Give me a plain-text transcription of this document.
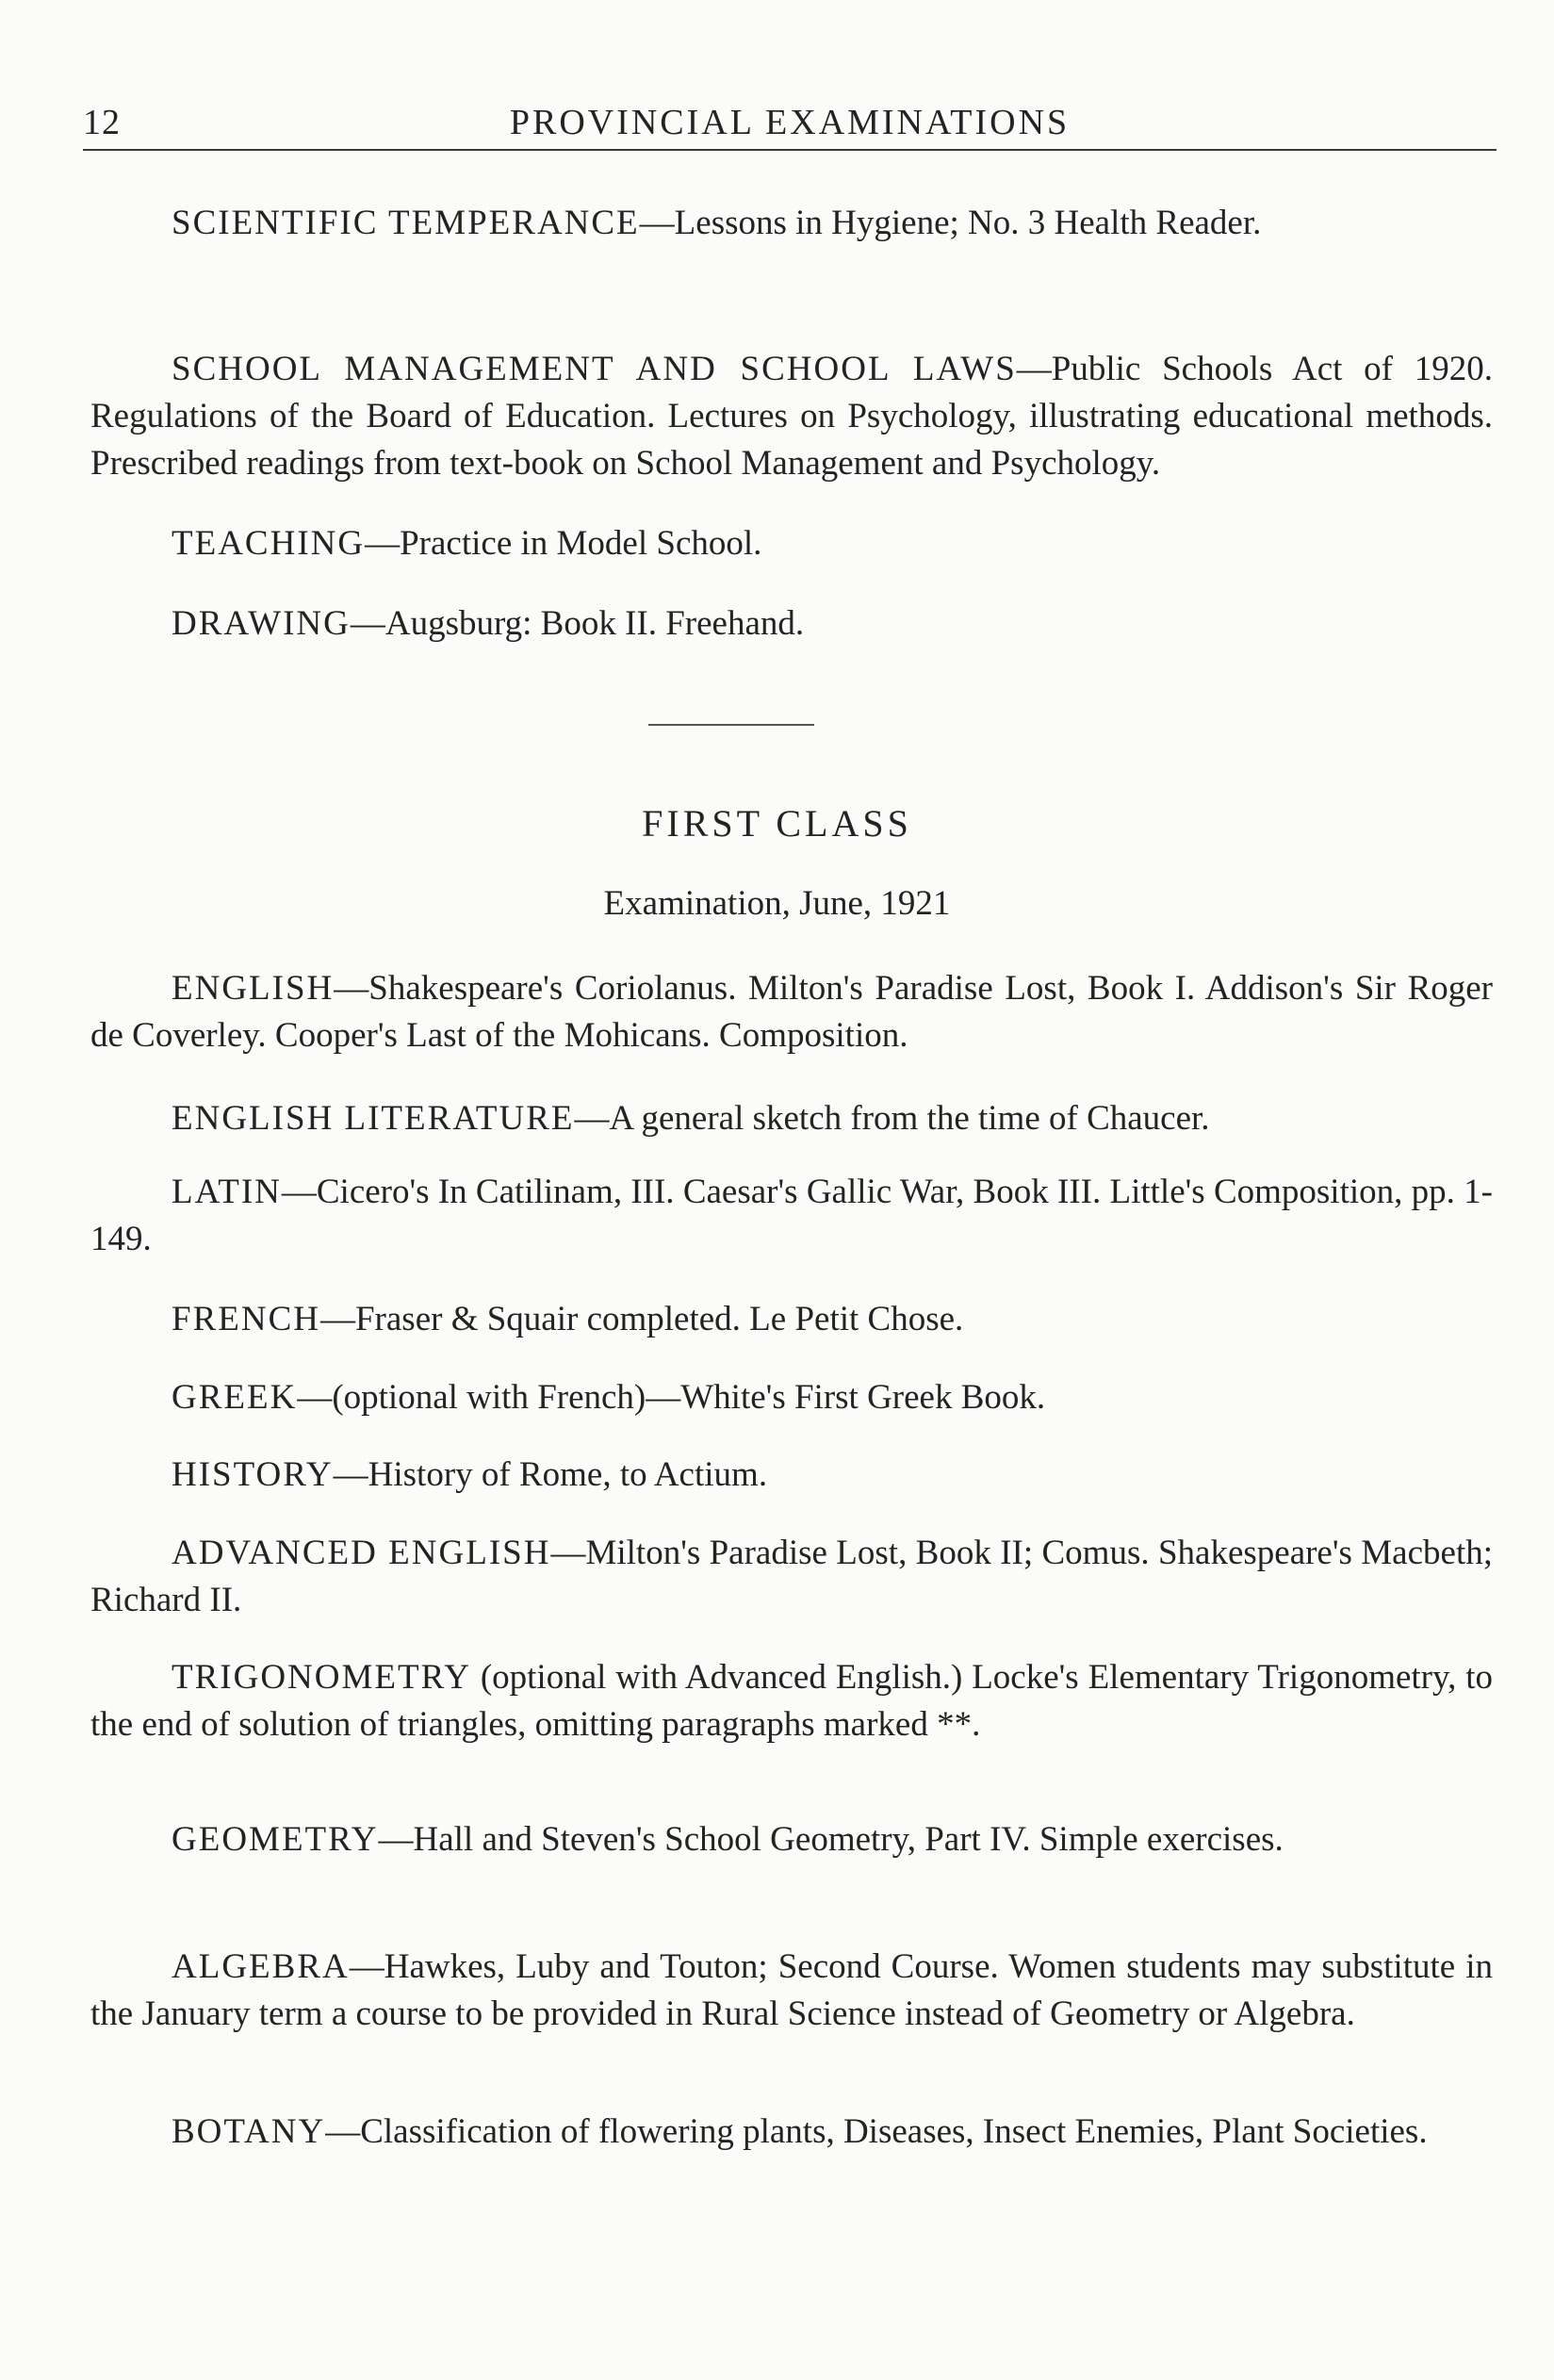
12	PROVINCIAL EXAMINATIONS

SCIENTIFIC TEMPERANCE—Lessons in Hygiene; No. 3 Health Reader.

SCHOOL MANAGEMENT AND SCHOOL LAWS—Public Schools Act of 1920. Regulations of the Board of Education. Lectures on Psychology, illustrating educational methods. Prescribed readings from text-book on School Management and Psychology.

TEACHING—Practice in Model School.

DRAWING—Augsburg: Book II. Freehand.

FIRST CLASS

Examination, June, 1921

ENGLISH—Shakespeare's Coriolanus. Milton's Paradise Lost, Book I. Addison's Sir Roger de Coverley. Cooper's Last of the Mohicans. Composition.

ENGLISH LITERATURE—A general sketch from the time of Chaucer.

LATIN—Cicero's In Catilinam, III. Caesar's Gallic War, Book III. Little's Composition, pp. 1-149.

FRENCH—Fraser & Squair completed. Le Petit Chose.

GREEK—(optional with French)—White's First Greek Book.

HISTORY—History of Rome, to Actium.

ADVANCED ENGLISH—Milton's Paradise Lost, Book II; Comus. Shakespeare's Macbeth; Richard II.

TRIGONOMETRY (optional with Advanced English.) Locke's Elementary Trigonometry, to the end of solution of triangles, omitting paragraphs marked **.

GEOMETRY—Hall and Steven's School Geometry, Part IV. Simple exercises.

ALGEBRA—Hawkes, Luby and Touton; Second Course. Women students may substitute in the January term a course to be provided in Rural Science instead of Geometry or Algebra.

BOTANY—Classification of flowering plants, Diseases, Insect Enemies, Plant Societies.
